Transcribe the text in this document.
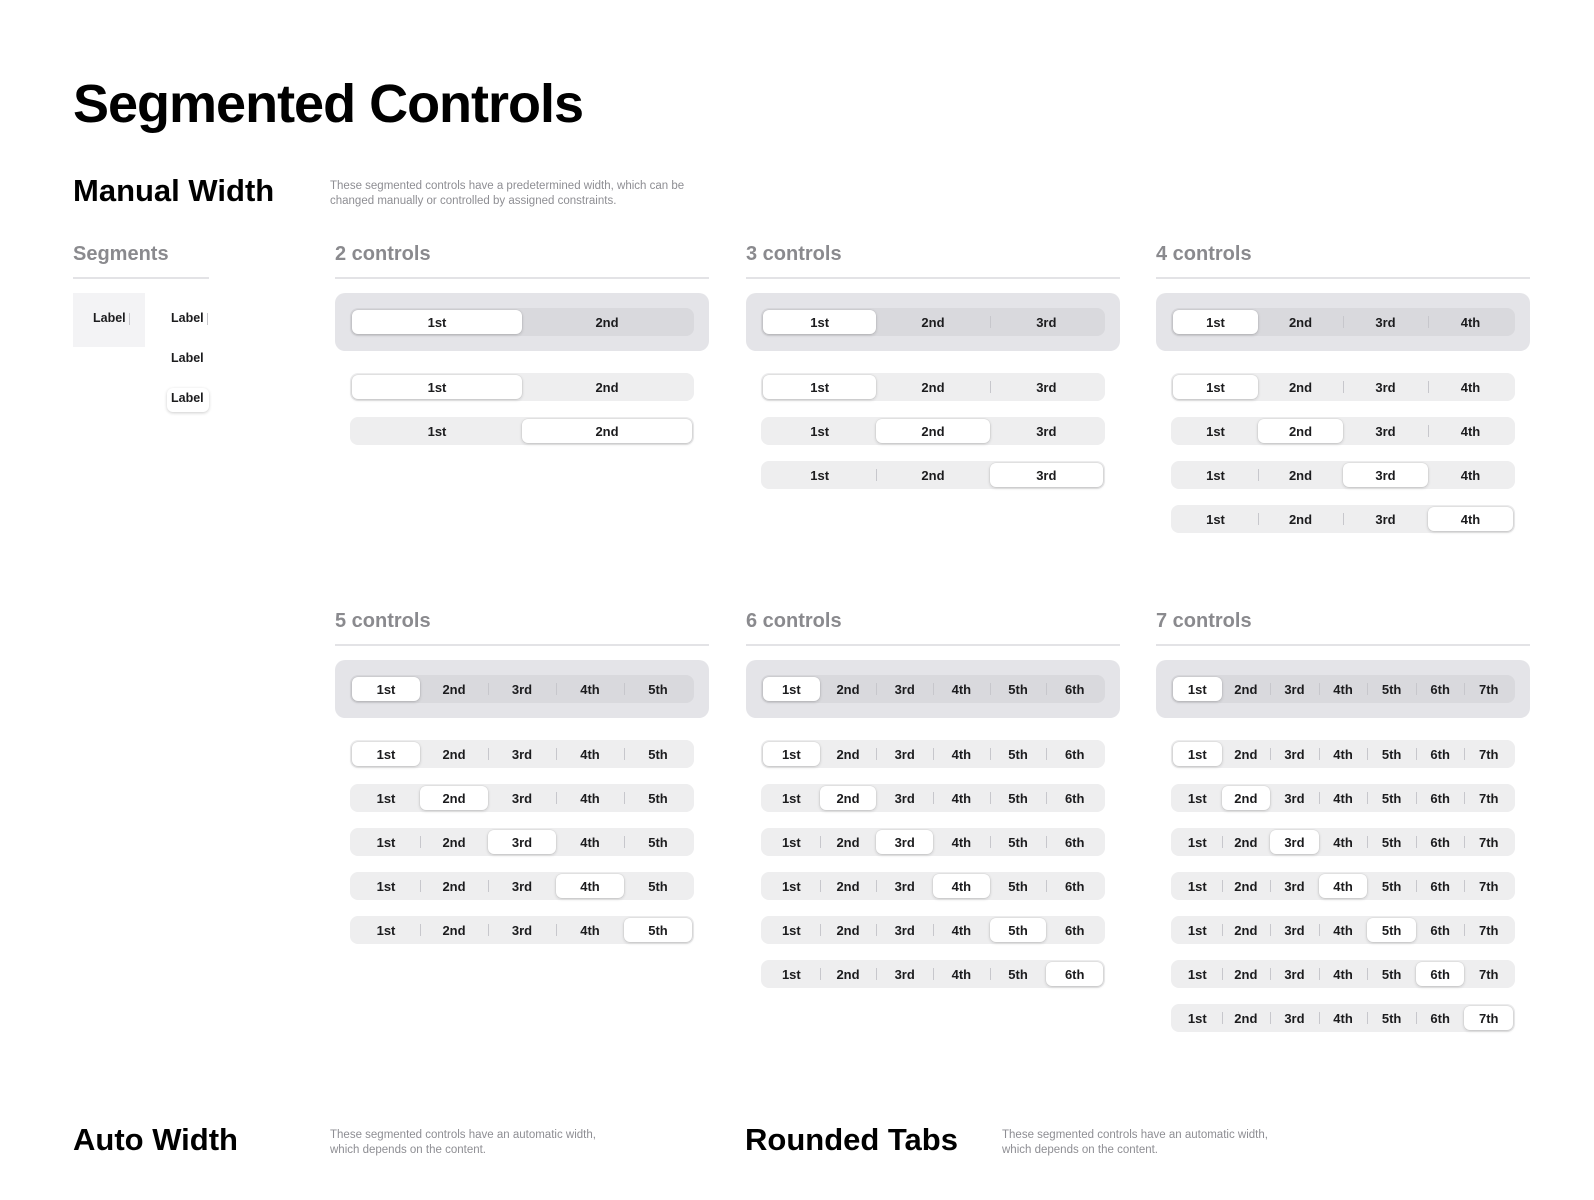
Segmented Controls
Manual Width	These segmented controls have a predetermined width, which can be

changed manually or controlled by assigned constraints.

Segments

Label	Label
Label
Label

2 controls

1st	2nd
1st	2nd
1st	2nd

3 controls

1st	2nd	3rd
1st	2nd	3rd
1st	2nd	3rd
1st	2nd	3rd

4 controls

1st	2nd	3rd	4th
1st	2nd	3rd	4th
1st	2nd	3rd	4th
1st	2nd	3rd	4th
1st	2nd	3rd	4th

5 controls

1st	2nd	3rd	4th	5th
1st	2nd	3rd	4th	5th
1st	2nd	3rd	4th	5th
1st	2nd	3rd	4th	5th
1st	2nd	3rd	4th	5th
1st	2nd	3rd	4th	5th

6 controls

1st	2nd	3rd	4th	5th	6th
1st	2nd	3rd	4th	5th	6th
1st	2nd	3rd	4th	5th	6th
1st	2nd	3rd	4th	5th	6th
1st	2nd	3rd	4th	5th	6th
1st	2nd	3rd	4th	5th	6th
1st	2nd	3rd	4th	5th	6th

7 controls

1st	2nd	3rd	4th	5th	6th	7th
1st	2nd	3rd	4th	5th	6th	7th
1st	2nd	3rd	4th	5th	6th	7th
1st	2nd	3rd	4th	5th	6th	7th
1st	2nd	3rd	4th	5th	6th	7th
1st	2nd	3rd	4th	5th	6th	7th
1st	2nd	3rd	4th	5th	6th	7th
1st	2nd	3rd	4th	5th	6th	7th
Auto Width	These segmented controls have an automatic width,

which depends on the content.	Rounded Tabs	These segmented controls have an automatic width,

which depends on the content.
